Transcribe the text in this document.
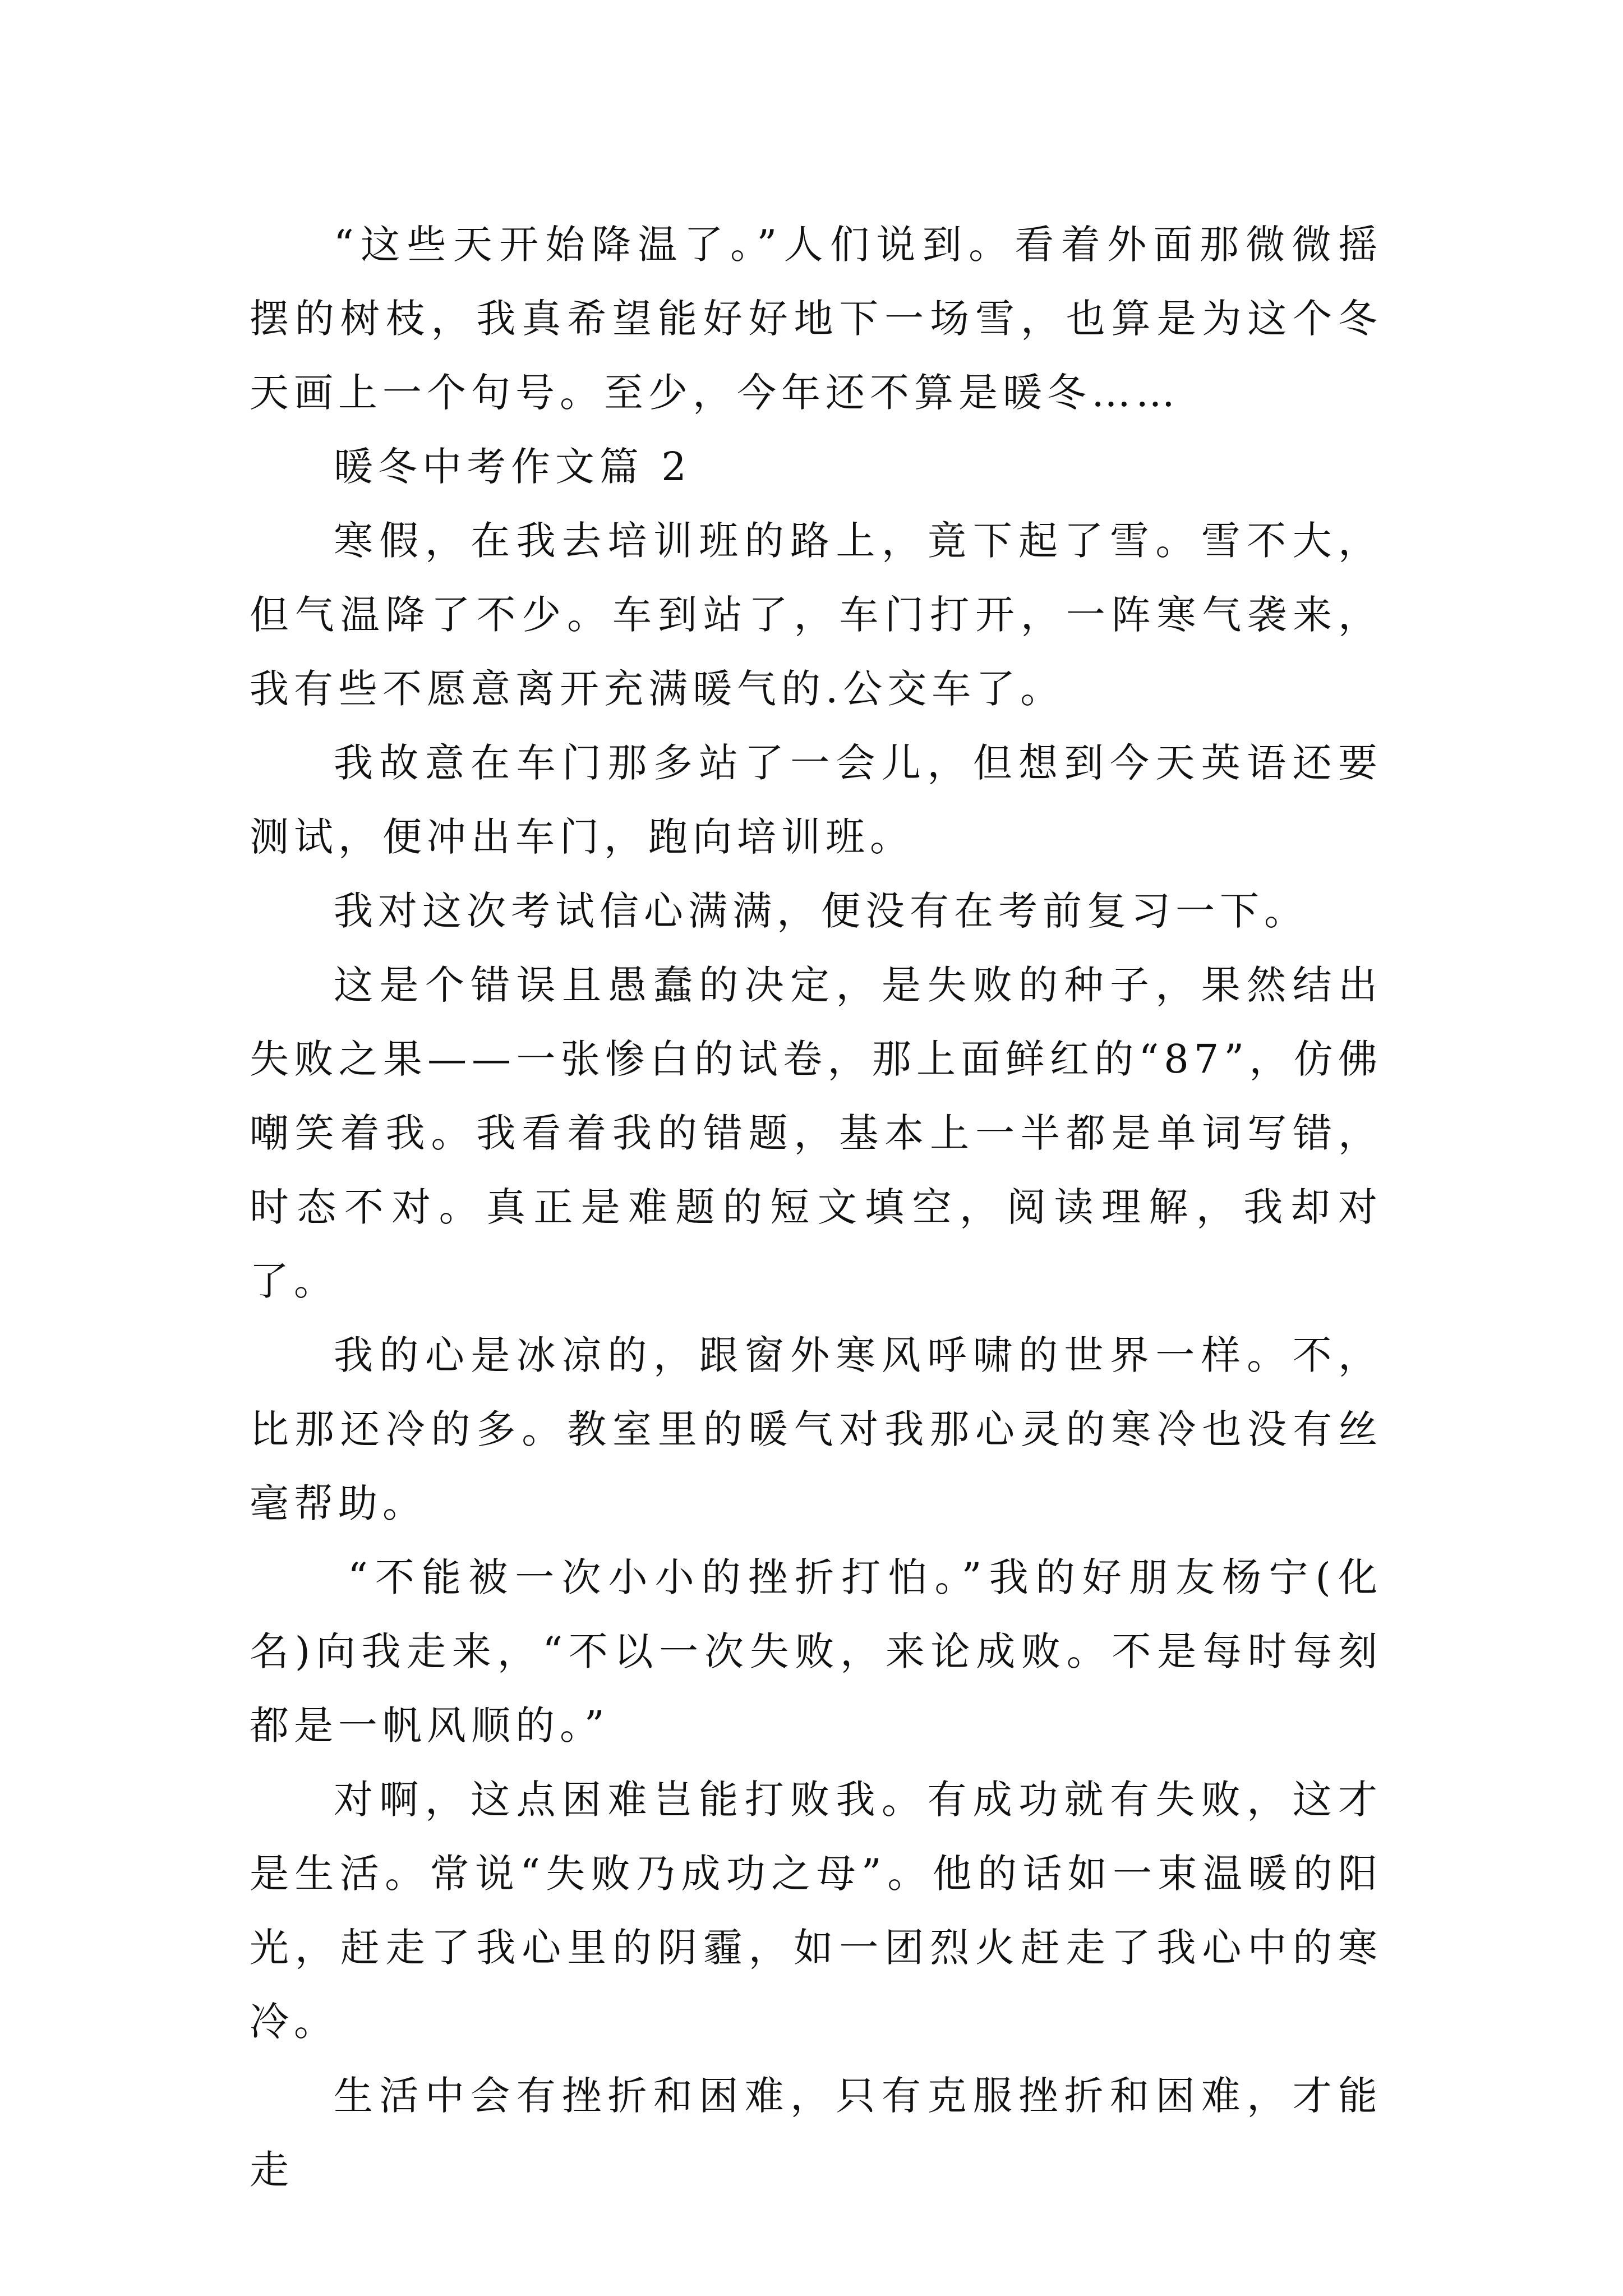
“这些天开始降温了。”人们说到。看着外面那微微摇摆的树枝，我真希望能好好地下一场雪，也算是为这个冬天画上一个句号。至少，今年还不算是暖冬……

暖冬中考作文篇 2

寒假，在我去培训班的路上，竟下起了雪。雪不大，但气温降了不少。车到站了，车门打开，一阵寒气袭来，我有些不愿意离开充满暖气的.公交车了。

我故意在车门那多站了一会儿，但想到今天英语还要测试，便冲出车门，跑向培训班。

我对这次考试信心满满，便没有在考前复习一下。

这是个错误且愚蠢的决定，是失败的种子，果然结出失败之果——一张惨白的试卷，那上面鲜红的“87”，仿佛嘲笑着我。我看着我的错题，基本上一半都是单词写错，时态不对。真正是难题的短文填空，阅读理解，我却对了。

我的心是冰凉的，跟窗外寒风呼啸的世界一样。不，比那还冷的多。教室里的暖气对我那心灵的寒冷也没有丝毫帮助。

“不能被一次小小的挫折打怕。”我的好朋友杨宁(化名)向我走来，“不以一次失败，来论成败。不是每时每刻都是一帆风顺的。”

对啊，这点困难岂能打败我。有成功就有失败，这才是生活。常说“失败乃成功之母”。他的话如一束温暖的阳光，赶走了我心里的阴霾，如一团烈火赶走了我心中的寒冷。

生活中会有挫折和困难，只有克服挫折和困难，才能走
